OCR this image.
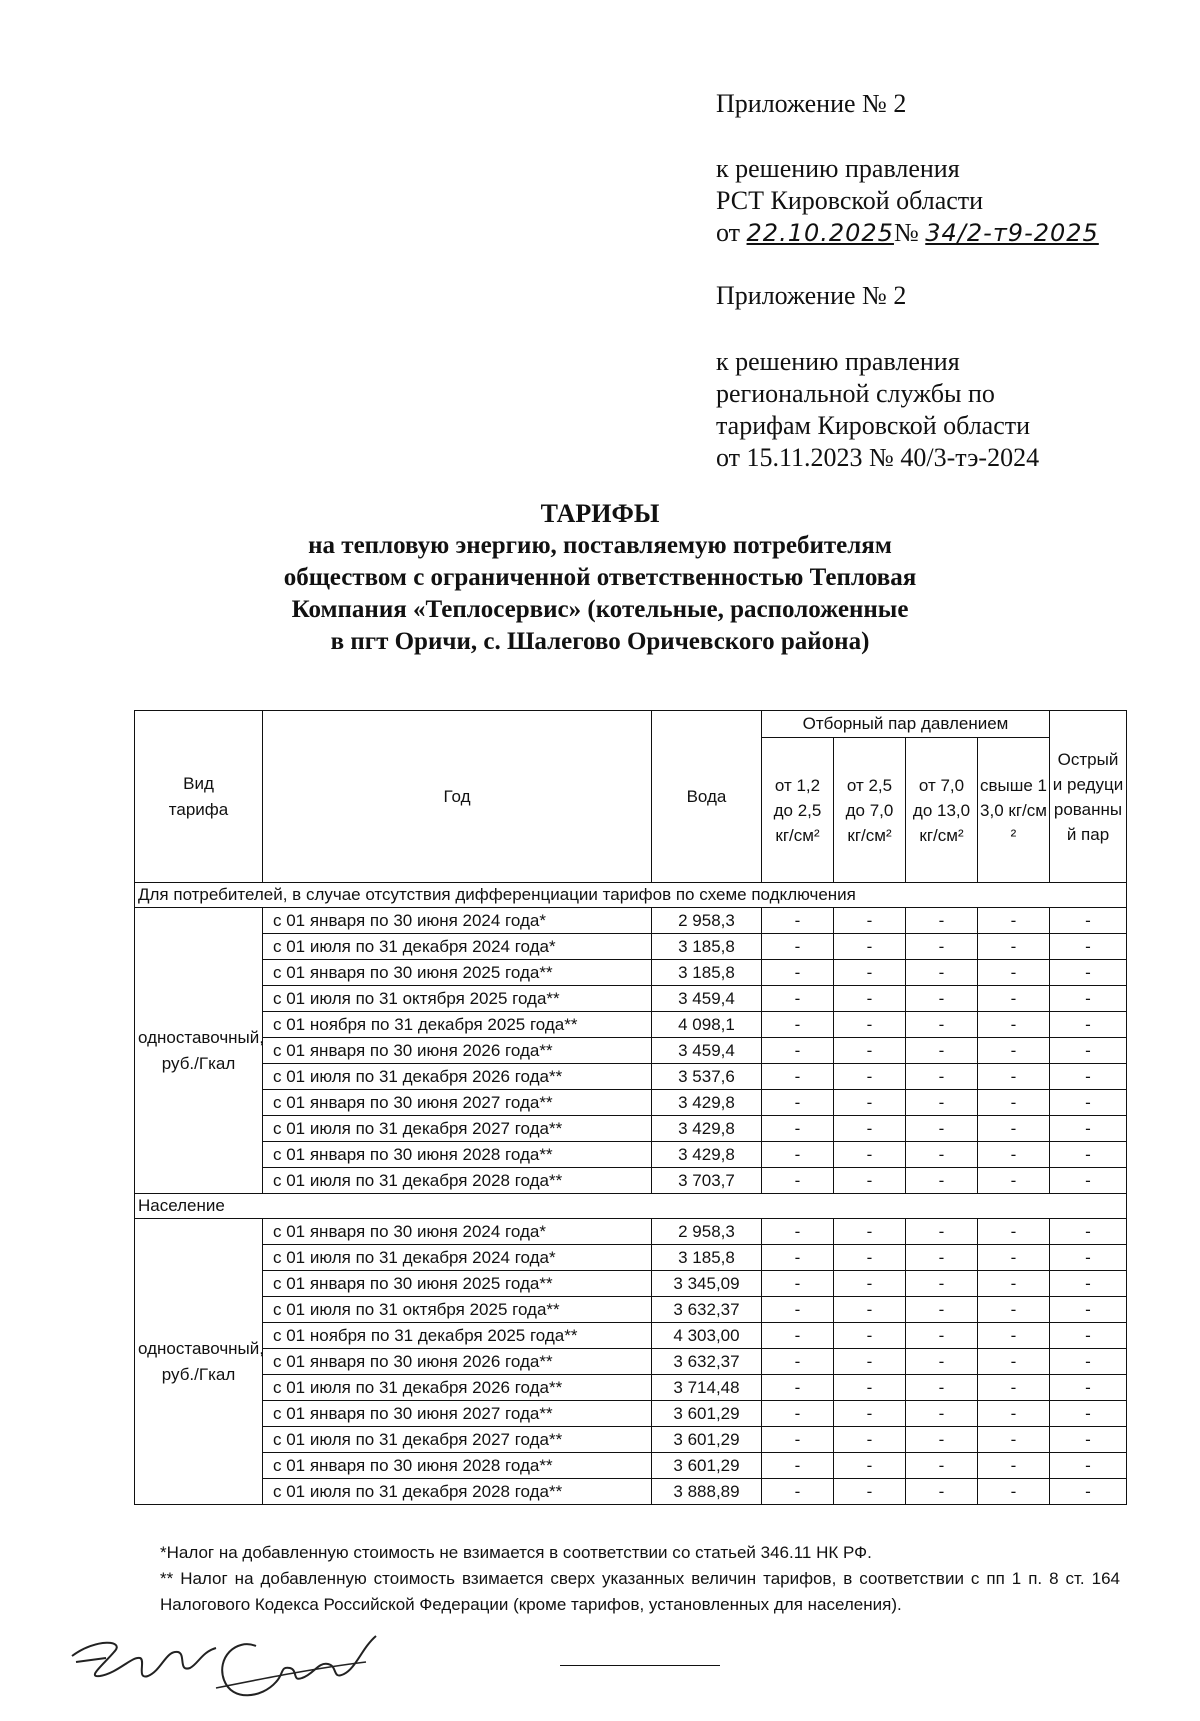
Приложение № 2
к решению правления
РСТ Кировской области
от 22.10.2025№ 34/2-т9-2025
Приложение № 2
к решению правления
региональной службы по
тарифам Кировской области
от 15.11.2023 № 40/3-тэ-2024
ТАРИФЫ
на тепловую энергию, поставляемую потребителям
обществом с ограниченной ответственностью Тепловая
Компания «Теплосервис» (котельные, расположенные
в пгт Оричи, с. Шалегово Оричевского района)
Вид тарифа	Год	Вода	Отборный пар давлением				Острый и редуцированный пар
			от 1,2 до 2,5 кг/см²	от 2,5 до 7,0 кг/см²	от 7,0 до 13,0 кг/см²	свыше 13,0 кг/см²	
Для потребителей, в случае отсутствия дифференциации тарифов по схеме подключения							
одноставочный, руб./Гкал	с 01 января по 30 июня 2024 года*	2 958,3	-	-	-	-	-
	с 01 июля по 31 декабря 2024 года*	3 185,8	-	-	-	-	-
	с 01 января по 30 июня 2025 года**	3 185,8	-	-	-	-	-
	с 01 июля по 31 октября 2025 года**	3 459,4	-	-	-	-	-
	с 01 ноября по 31 декабря 2025 года**	4 098,1	-	-	-	-	-
	с 01 января по 30 июня 2026 года**	3 459,4	-	-	-	-	-
	с 01 июля по 31 декабря 2026 года**	3 537,6	-	-	-	-	-
	с 01 января по 30 июня 2027 года**	3 429,8	-	-	-	-	-
	с 01 июля по 31 декабря 2027 года**	3 429,8	-	-	-	-	-
	с 01 января по 30 июня 2028 года**	3 429,8	-	-	-	-	-
	с 01 июля по 31 декабря 2028 года**	3 703,7	-	-	-	-	-
Население							
одноставочный, руб./Гкал	с 01 января по 30 июня 2024 года*	2 958,3	-	-	-	-	-
	с 01 июля по 31 декабря 2024 года*	3 185,8	-	-	-	-	-
	с 01 января по 30 июня 2025 года**	3 345,09	-	-	-	-	-
	с 01 июля по 31 октября 2025 года**	3 632,37	-	-	-	-	-
	с 01 ноября по 31 декабря 2025 года**	4 303,00	-	-	-	-	-
	с 01 января по 30 июня 2026 года**	3 632,37	-	-	-	-	-
	с 01 июля по 31 декабря 2026 года**	3 714,48	-	-	-	-	-
	с 01 января по 30 июня 2027 года**	3 601,29	-	-	-	-	-
	с 01 июля по 31 декабря 2027 года**	3 601,29	-	-	-	-	-
	с 01 января по 30 июня 2028 года**	3 601,29	-	-	-	-	-
	с 01 июля по 31 декабря 2028 года**	3 888,89	-	-	-	-	-

*Налог на добавленную стоимость не взимается в соответствии со статьей 346.11 НК РФ.

** Налог на добавленную стоимость взимается сверх указанных величин тарифов, в соответствии с пп 1 п. 8 ст. 164 Налогового Кодекса Российской Федерации (кроме тарифов, установленных для населения).
